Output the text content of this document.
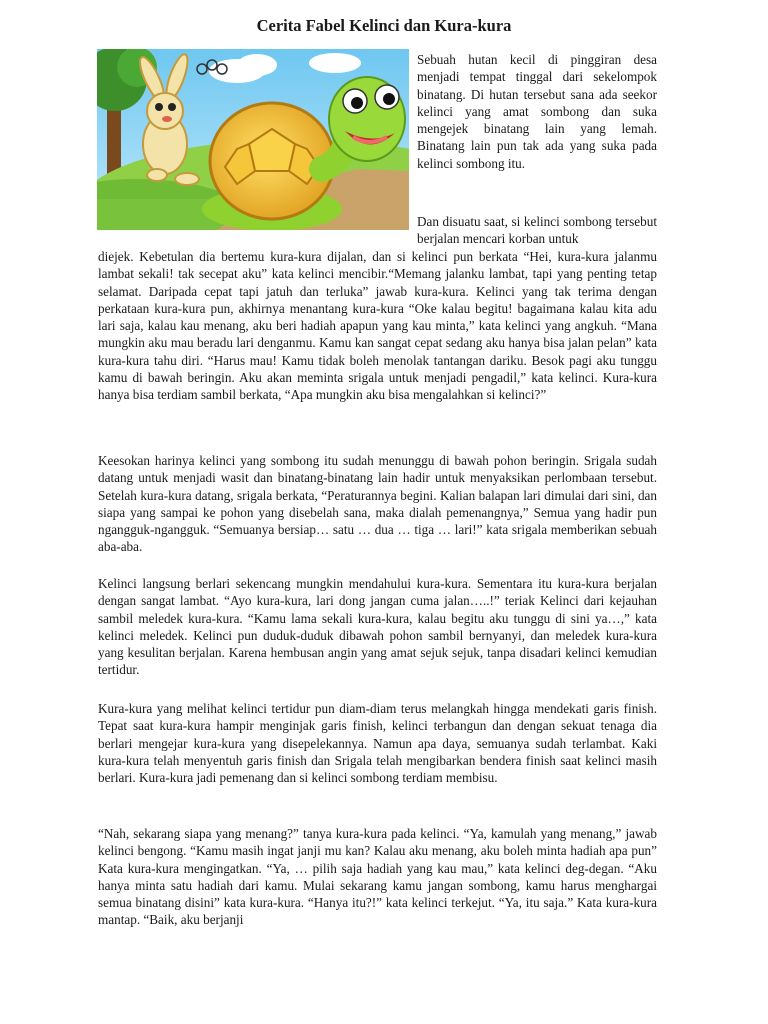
Cerita Fabel Kelinci dan Kura-kura

Sebuah hutan kecil di pinggiran desa menjadi tempat tinggal dari sekelompok binatang. Di hutan tersebut sana ada seekor kelinci yang amat sombong dan suka mengejek binatang lain yang lemah. Binatang lain pun tak ada yang suka pada kelinci sombong itu.

Dan disuatu saat, si kelinci sombong tersebut berjalan mencari korban untuk

diejek. Kebetulan dia bertemu kura-kura dijalan, dan si kelinci pun berkata “Hei, kura-kura jalanmu lambat sekali! tak secepat aku” kata kelinci mencibir.“Memang jalanku lambat, tapi yang penting tetap selamat. Daripada cepat tapi jatuh dan terluka” jawab kura-kura. Kelinci yang tak terima dengan perkataan kura-kura pun, akhirnya menantang kura-kura “Oke kalau begitu! bagaimana kalau kita adu lari saja, kalau kau menang, aku beri hadiah apapun yang kau minta,” kata kelinci yang angkuh. “Mana mungkin aku mau beradu lari denganmu. Kamu kan sangat cepat sedang aku hanya bisa jalan pelan” kata kura-kura tahu diri. “Harus mau! Kamu tidak boleh menolak tantangan dariku. Besok pagi aku tunggu kamu di bawah beringin. Aku akan meminta srigala untuk menjadi pengadil,” kata kelinci. Kura-kura hanya bisa terdiam sambil berkata, “Apa mungkin aku bisa mengalahkan si kelinci?”

Keesokan harinya kelinci yang sombong itu sudah menunggu di bawah pohon beringin. Srigala sudah datang untuk menjadi wasit dan binatang-binatang lain hadir untuk menyaksikan perlombaan tersebut. Setelah kura-kura datang, srigala berkata, “Peraturannya begini. Kalian balapan lari dimulai dari sini, dan siapa yang sampai ke pohon yang disebelah sana, maka dialah pemenangnya,” Semua yang hadir pun ngangguk-ngangguk. “Semuanya bersiap… satu … dua … tiga … lari!” kata srigala memberikan sebuah aba-aba.

Kelinci langsung berlari sekencang mungkin mendahului kura-kura. Sementara itu kura-kura berjalan dengan sangat lambat. “Ayo kura-kura, lari dong jangan cuma jalan…..!” teriak Kelinci dari kejauhan sambil meledek kura-kura. “Kamu lama sekali kura-kura, kalau begitu aku tunggu di sini ya…,” kata kelinci meledek. Kelinci pun duduk-duduk dibawah pohon sambil bernyanyi, dan meledek kura-kura yang kesulitan berjalan. Karena hembusan angin yang amat sejuk sejuk, tanpa disadari kelinci kemudian tertidur.

Kura-kura yang melihat kelinci tertidur pun diam-diam terus melangkah hingga mendekati garis finish. Tepat saat kura-kura hampir menginjak garis finish, kelinci terbangun dan dengan sekuat tenaga dia berlari mengejar kura-kura yang disepelekannya. Namun apa daya, semuanya sudah terlambat. Kaki kura-kura telah menyentuh garis finish dan Srigala telah mengibarkan bendera finish saat kelinci masih berlari. Kura-kura jadi pemenang dan si kelinci sombong terdiam membisu.

“Nah, sekarang siapa yang menang?” tanya kura-kura pada kelinci. “Ya, kamulah yang menang,” jawab kelinci bengong. “Kamu masih ingat janji mu kan? Kalau aku menang, aku boleh minta hadiah apa pun” Kata kura-kura mengingatkan. “Ya, … pilih saja hadiah yang kau mau,” kata kelinci deg-degan. “Aku hanya minta satu hadiah dari kamu. Mulai sekarang kamu jangan sombong, kamu harus menghargai semua binatang disini” kata kura-kura. “Hanya itu?!” kata kelinci terkejut. “Ya, itu saja.” Kata kura-kura mantap. “Baik, aku berjanji
